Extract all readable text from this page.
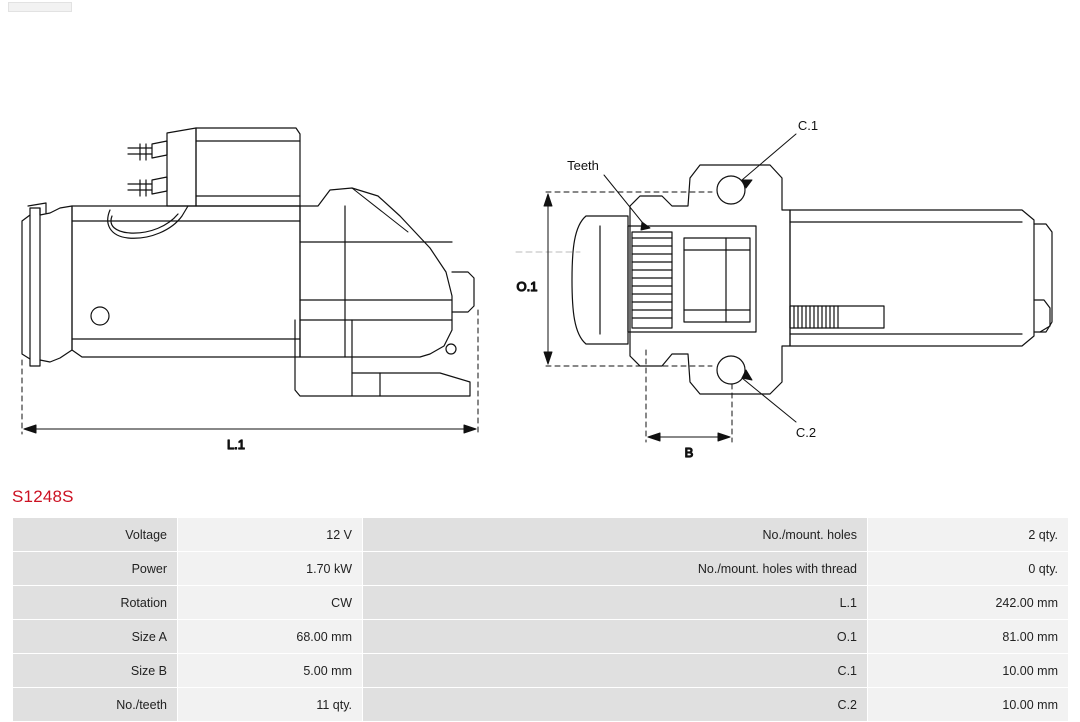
L.1
O.1
B
Teeth
C.1
C.2
S1248S
Voltage	12 V	No./mount. holes	2 qty.
Power	1.70 kW	No./mount. holes with thread	0 qty.
Rotation	CW	L.1	242.00 mm
Size A	68.00 mm	O.1	81.00 mm
Size B	5.00 mm	C.1	10.00 mm
No./teeth	11 qty.	C.2	10.00 mm
